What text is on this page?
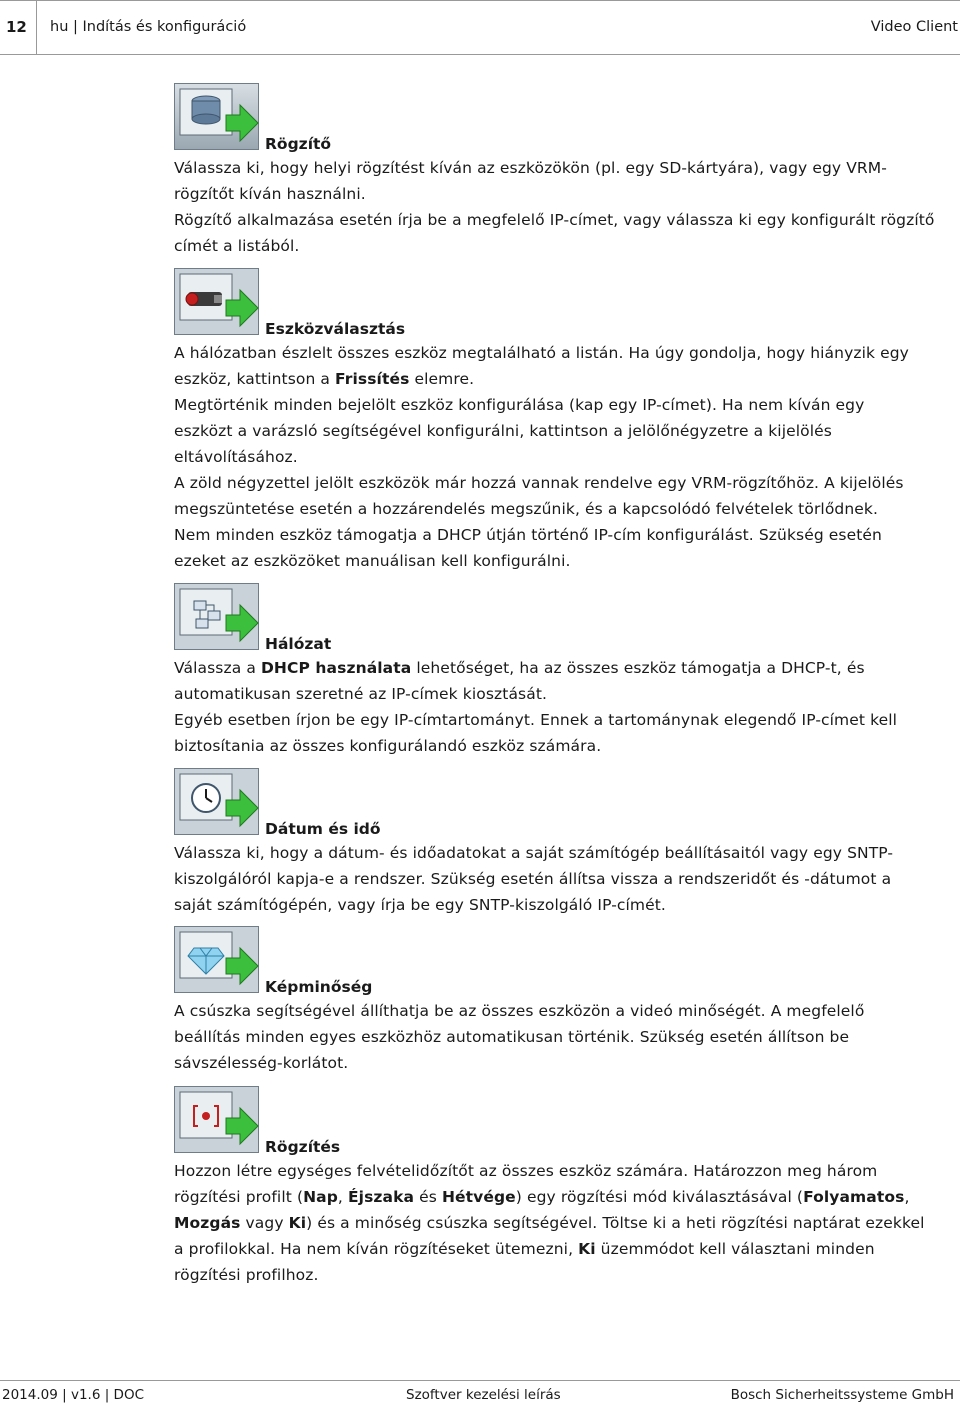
12 hu | Indítás és konfiguráció	Video Client
Rögzítő
Válassza ki, hogy helyi rögzítést kíván az eszközökön (pl. egy SD-kártyára), vagy egy VRM-
rögzítőt kíván használni.
Rögzítő alkalmazása esetén írja be a megfelelő IP-címet, vagy válassza ki egy konfigurált rögzítő
címét a listából.
Eszközválasztás
A hálózatban észlelt összes eszköz megtalálható a listán. Ha úgy gondolja, hogy hiányzik egy
eszköz, kattintson a Frissítés elemre.
Megtörténik minden bejelölt eszköz konfigurálása (kap egy IP-címet). Ha nem kíván egy
eszközt a varázsló segítségével konfigurálni, kattintson a jelölőnégyzetre a kijelölés
eltávolításához.
A zöld négyzettel jelölt eszközök már hozzá vannak rendelve egy VRM-rögzítőhöz. A kijelölés
megszüntetése esetén a hozzárendelés megszűnik, és a kapcsolódó felvételek törlődnek.
Nem minden eszköz támogatja a DHCP útján történő IP-cím konfigurálást. Szükség esetén
ezeket az eszközöket manuálisan kell konfigurálni.
Hálózat
Válassza a DHCP használata lehetőséget, ha az összes eszköz támogatja a DHCP-t, és
automatikusan szeretné az IP-címek kiosztását.
Egyéb esetben írjon be egy IP-címtartományt. Ennek a tartománynak elegendő IP-címet kell
biztosítania az összes konfigurálandó eszköz számára.
Dátum és idő
Válassza ki, hogy a dátum- és időadatokat a saját számítógép beállításaitól vagy egy SNTP-
kiszolgálóról kapja-e a rendszer. Szükség esetén állítsa vissza a rendszeridőt és -dátumot a
saját számítógépén, vagy írja be egy SNTP-kiszolgáló IP-címét.
Képminőség
A csúszka segítségével állíthatja be az összes eszközön a videó minőségét. A megfelelő
beállítás minden egyes eszközhöz automatikusan történik. Szükség esetén állítson be
sávszélesség-korlátot.
Rögzítés
Hozzon létre egységes felvételidőzítőt az összes eszköz számára. Határozzon meg három
rögzítési profilt (Nap, Éjszaka és Hétvége) egy rögzítési mód kiválasztásával (Folyamatos,
Mozgás vagy Ki) és a minőség csúszka segítségével. Töltse ki a heti rögzítési naptárat ezekkel
a profilokkal. Ha nem kíván rögzítéseket ütemezni, Ki üzemmódot kell választani minden
rögzítési profilhoz.
2014.09 | v1.6 | DOC	Szoftver kezelési leírás	Bosch Sicherheitssysteme GmbH
